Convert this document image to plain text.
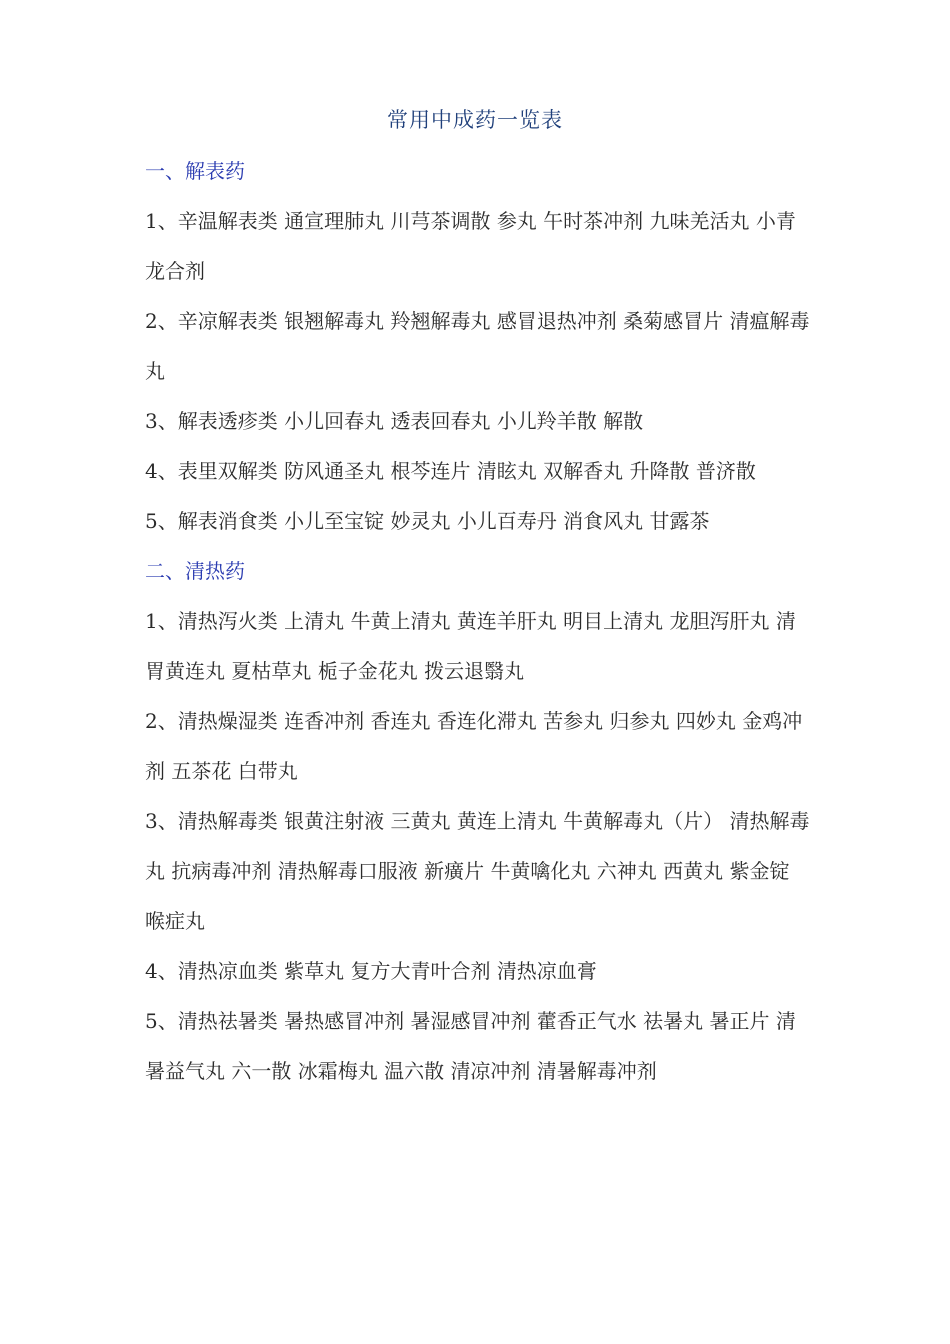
常用中成药一览表
一、解表药
1、辛温解表类 通宣理肺丸 川芎茶调散 参丸 午时茶冲剂 九味羌活丸 小青龙合剂
2、辛凉解表类 银翘解毒丸 羚翘解毒丸 感冒退热冲剂 桑菊感冒片 清瘟解毒丸
3、解表透疹类 小儿回春丸 透表回春丸 小儿羚羊散 解散
4、表里双解类 防风通圣丸 根芩连片 清眩丸 双解香丸 升降散 普济散
5、解表消食类 小儿至宝锭 妙灵丸 小儿百寿丹 消食风丸 甘露茶
二、清热药
1、清热泻火类 上清丸 牛黄上清丸 黄连羊肝丸 明目上清丸 龙胆泻肝丸 清胃黄连丸 夏枯草丸 栀子金花丸 拨云退翳丸
2、清热燥湿类 连香冲剂 香连丸 香连化滞丸 苦参丸 归参丸 四妙丸 金鸡冲剂 五茶花 白带丸
3、清热解毒类 银黄注射液 三黄丸 黄连上清丸 牛黄解毒丸（片） 清热解毒丸 抗病毒冲剂 清热解毒口服液 新癀片 牛黄噙化丸 六神丸 西黄丸 紫金锭 喉症丸
4、清热凉血类 紫草丸 复方大青叶合剂 清热凉血膏
5、清热祛暑类 暑热感冒冲剂 暑湿感冒冲剂 藿香正气水 祛暑丸 暑正片 清暑益气丸 六一散 冰霜梅丸 温六散 清凉冲剂 清暑解毒冲剂
